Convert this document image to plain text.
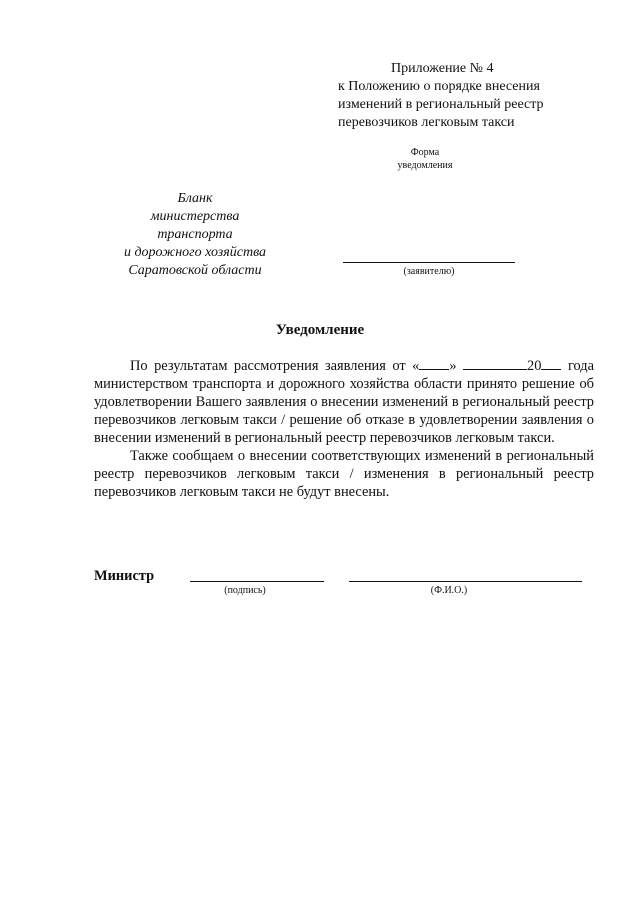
Приложение № 4
к Положению о порядке внесения
изменений в региональный реестр
перевозчиков легковым такси
Форма
уведомления
Бланк
министерства
транспорта
и дорожного хозяйства
Саратовской области	(заявителю)
Уведомление

По результатам рассмотрения заявления от « »	20 года министерством транспорта и дорожного хозяйства области принято решение об удовлетворении Вашего заявления о внесении изменений в региональный реестр перевозчиков легковым такси / решение об отказе в удовлетворении заявления о внесении изменений в региональный реестр перевозчиков легковым такси.

Также сообщаем о внесении соответствующих изменений в региональный реестр перевозчиков легковым такси / изменения в региональный реестр перевозчиков легковым такси не будут внесены.

Министр
(подпись)	(Ф.И.О.)
